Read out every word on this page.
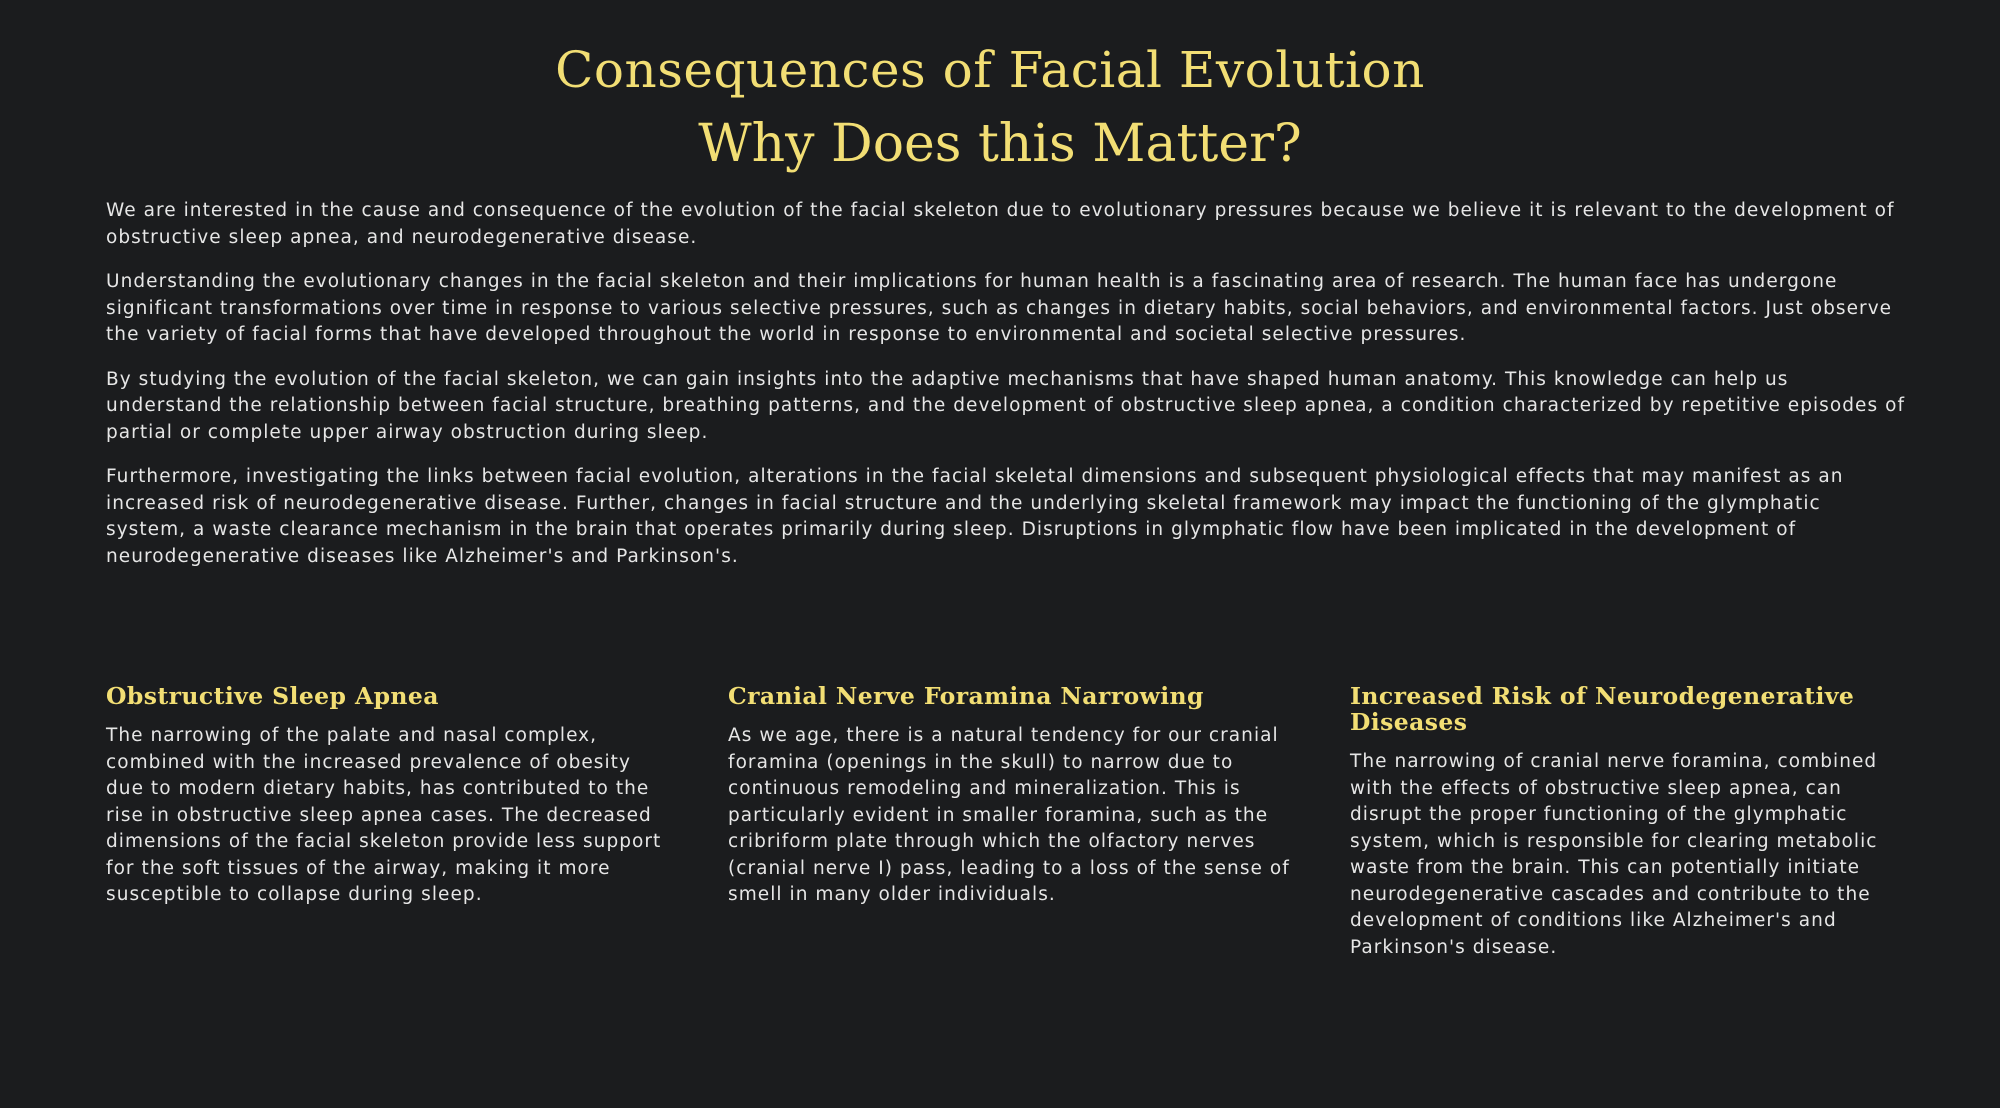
Consequences of Facial Evolution
Why Does this Matter?

We are interested in the cause and consequence of the evolution of the facial skeleton due to evolutionary pressures because we believe it is relevant to the development of obstructive sleep apnea, and neurodegenerative disease.

Understanding the evolutionary changes in the facial skeleton and their implications for human health is a fascinating area of research. The human face has undergone significant transformations over time in response to various selective pressures, such as changes in dietary habits, social behaviors, and environmental factors. Just observe the variety of facial forms that have developed throughout the world in response to environmental and societal selective pressures.

By studying the evolution of the facial skeleton, we can gain insights into the adaptive mechanisms that have shaped human anatomy. This knowledge can help us understand the relationship between facial structure, breathing patterns, and the development of obstructive sleep apnea, a condition characterized by repetitive episodes of partial or complete upper airway obstruction during sleep.

Furthermore, investigating the links between facial evolution, alterations in the facial skeletal dimensions and subsequent physiological effects that may manifest as an increased risk of neurodegenerative disease. Further, changes in facial structure and the underlying skeletal framework may impact the functioning of the glymphatic system, a waste clearance mechanism in the brain that operates primarily during sleep. Disruptions in glymphatic flow have been implicated in the development of neurodegenerative diseases like Alzheimer's and Parkinson's.

Obstructive Sleep Apnea

The narrowing of the palate and nasal complex, combined with the increased prevalence of obesity due to modern dietary habits, has contributed to the rise in obstructive sleep apnea cases. The decreased dimensions of the facial skeleton provide less support for the soft tissues of the airway, making it more susceptible to collapse during sleep.

Cranial Nerve Foramina Narrowing

As we age, there is a natural tendency for our cranial foramina (openings in the skull) to narrow due to continuous remodeling and mineralization. This is particularly evident in smaller foramina, such as the cribriform plate through which the olfactory nerves (cranial nerve I) pass, leading to a loss of the sense of smell in many older individuals.

Increased Risk of Neurodegenerative Diseases

The narrowing of cranial nerve foramina, combined with the effects of obstructive sleep apnea, can disrupt the proper functioning of the glymphatic system, which is responsible for clearing metabolic waste from the brain. This can potentially initiate neurodegenerative cascades and contribute to the development of conditions like Alzheimer's and Parkinson's disease.
